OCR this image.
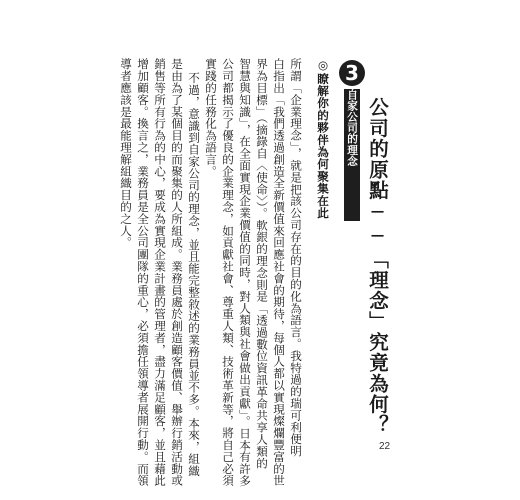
3
自家公司的理念 公司的原點──「理念」究竟為何？
◎瞭解你的夥伴為何聚集在此
所謂「企業理念」，就是把該公司存在的目的化為語言。我特過的瑞可利便明
白指出「我們透過創造全新價值來回應社會的期待，每個人都以實現燦爛豐富的世
界為目標」（摘錄自〈使命〉）。軟銀的理念則是「透過數位資訊革命共享人類的
智慧與知識」，在全面實現企業價值的同時，對人類與社會做出貢獻」。日本有許多
公司都揭示了優良的企業理念，如貢獻社會、尊重人類、技術革新等，將自己必須
實踐的任務化為語言。
不過，意識到自家公司的理念，並且能完整敘述的業務員並不多。本來，組織
是由為了某個目的而聚集的人所組成。業務員處於創造顧客價值、舉辦行銷活動或
銷售等所有行為的中心，要成為實現企業計畫的管理者，盡力滿足顧客，並且藉此
增加顧客。換言之，業務員是全公司團隊的重心，必須擔任領導者展開行動。而領
導者應該是最能理解組織目的之人。
22
